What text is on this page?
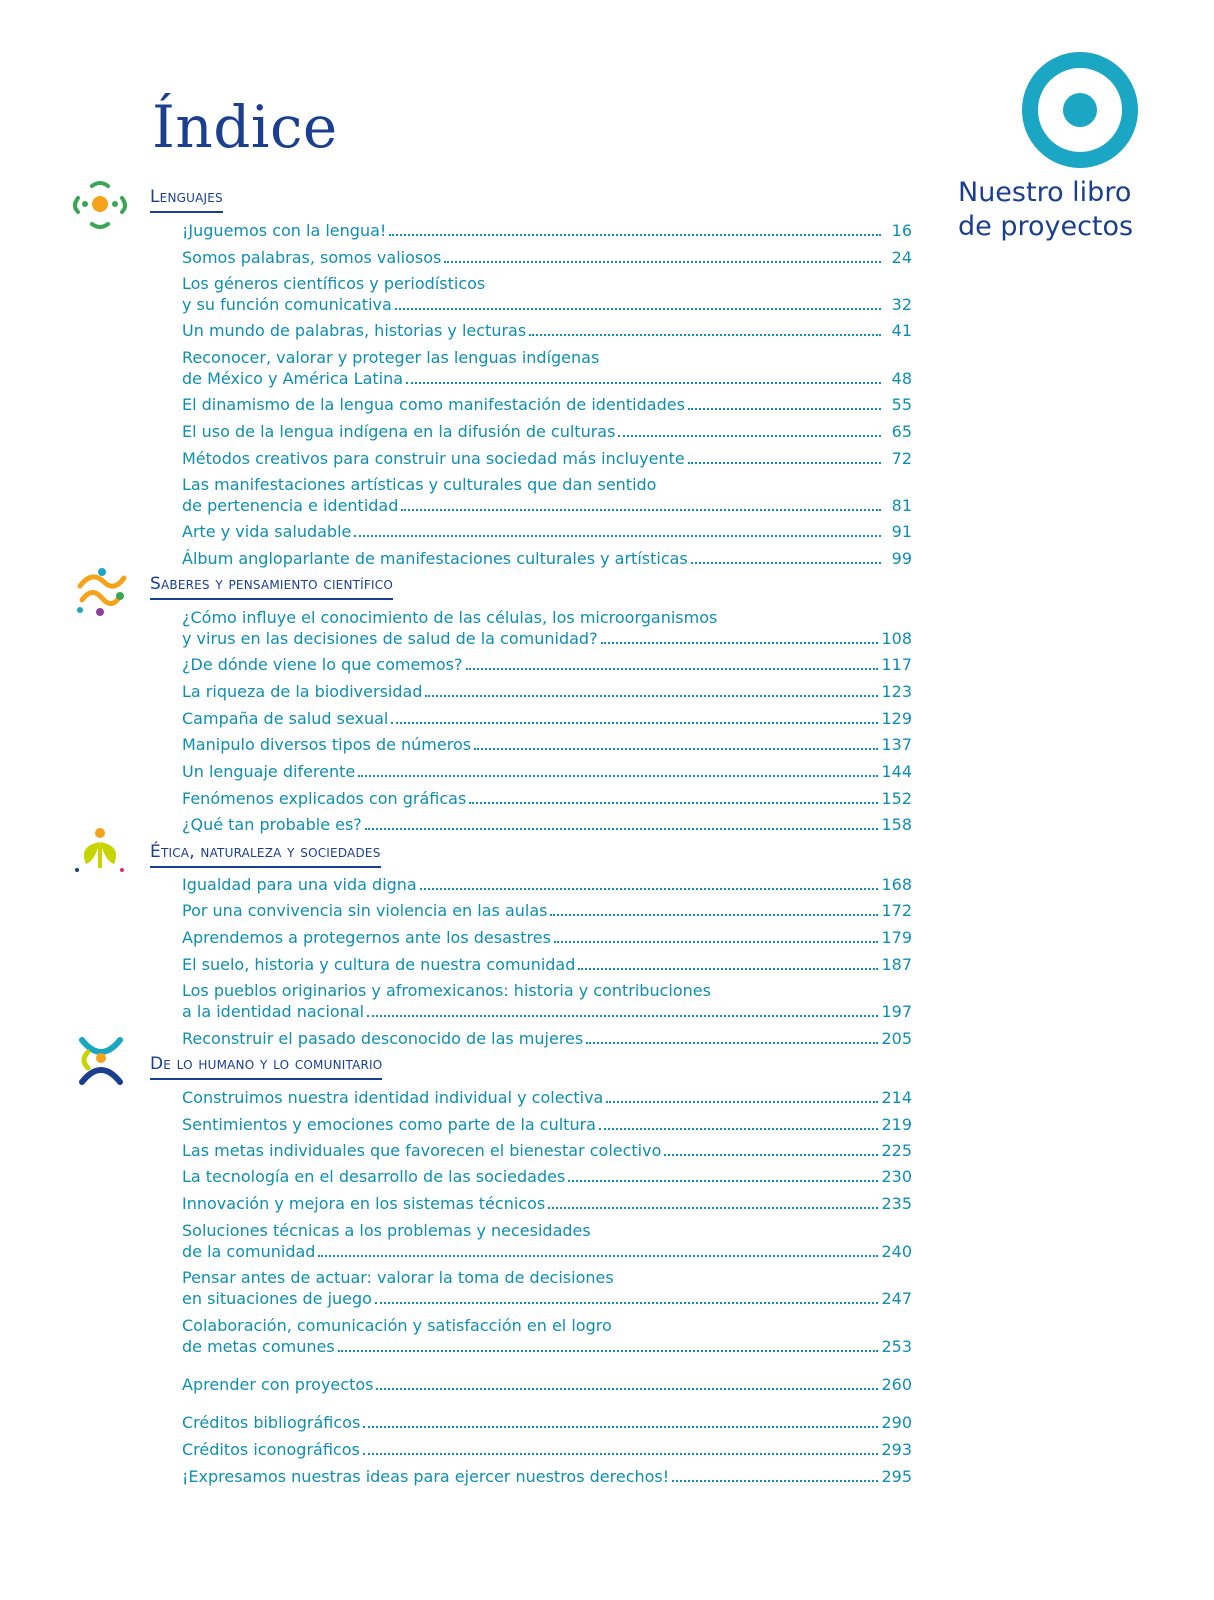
Índice
Nuestro libro
de proyectos
Lenguajes
¡Juguemos con la lengua!	16
Somos palabras, somos valiosos	24
Los géneros científicos y periodísticos
y su función comunicativa	32
Un mundo de palabras, historias y lecturas	41
Reconocer, valorar y proteger las lenguas indígenas
de México y América Latina	48
El dinamismo de la lengua como manifestación de identidades	55
El uso de la lengua indígena en la difusión de culturas	65
Métodos creativos para construir una sociedad más incluyente	72
Las manifestaciones artísticas y culturales que dan sentido
de pertenencia e identidad	81
Arte y vida saludable	91
Álbum angloparlante de manifestaciones culturales y artísticas	99
Saberes y pensamiento científico
¿Cómo influye el conocimiento de las células, los microorganismos
y virus en las decisiones de salud de la comunidad?	108
¿De dónde viene lo que comemos?	117
La riqueza de la biodiversidad	123
Campaña de salud sexual	129
Manipulo diversos tipos de números	137
Un lenguaje diferente	144
Fenómenos explicados con gráficas	152
¿Qué tan probable es?	158
Ética, naturaleza y sociedades
Igualdad para una vida digna	168
Por una convivencia sin violencia en las aulas	172
Aprendemos a protegernos ante los desastres	179
El suelo, historia y cultura de nuestra comunidad	187
Los pueblos originarios y afromexicanos: historia y contribuciones
a la identidad nacional	197
Reconstruir el pasado desconocido de las mujeres	205
De lo humano y lo comunitario
Construimos nuestra identidad individual y colectiva	214
Sentimientos y emociones como parte de la cultura	219
Las metas individuales que favorecen el bienestar colectivo	225
La tecnología en el desarrollo de las sociedades	230
Innovación y mejora en los sistemas técnicos	235
Soluciones técnicas a los problemas y necesidades
de la comunidad	240
Pensar antes de actuar: valorar la toma de decisiones
en situaciones de juego	247
Colaboración, comunicación y satisfacción en el logro
de metas comunes	253
Aprender con proyectos	260
Créditos bibliográficos	290
Créditos iconográficos	293
¡Expresamos nuestras ideas para ejercer nuestros derechos!	295
